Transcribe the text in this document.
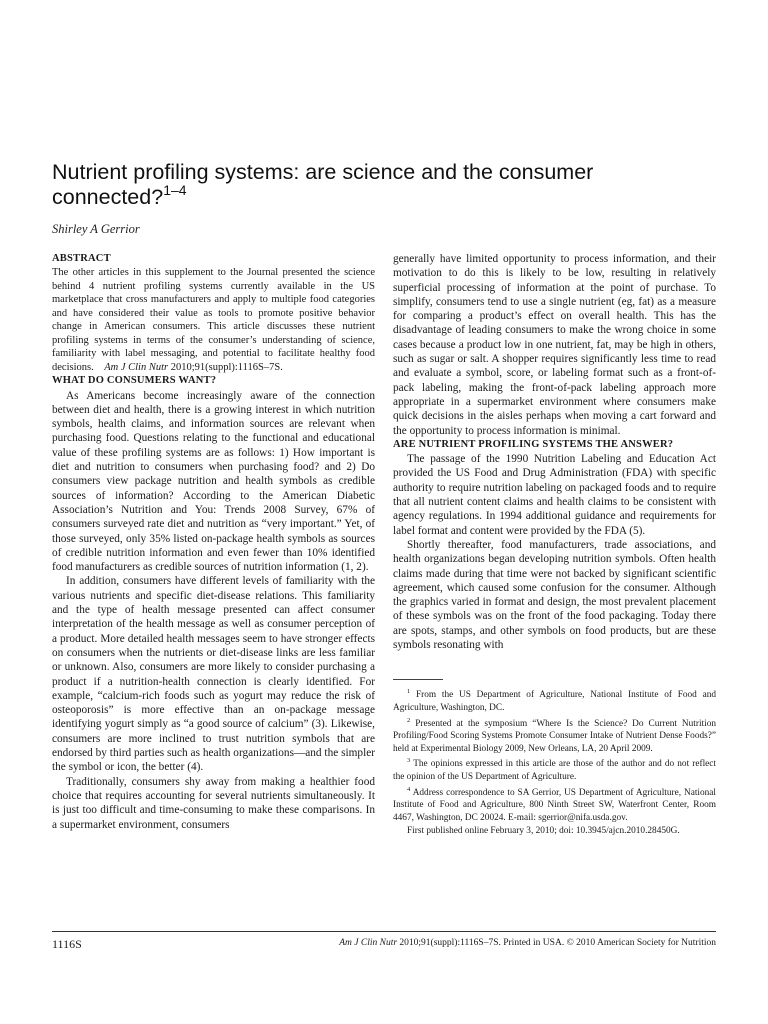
Nutrient profiling systems: are science and the consumer connected?$^{1-4}$
Shirley A Gerrior

ABSTRACT

The other articles in this supplement to the Journal presented the science behind 4 nutrient profiling systems currently available in the US marketplace that cross manufacturers and apply to multiple food categories and have considered their value as tools to promote positive behavior change in American consumers. This article discusses these nutrient profiling systems in terms of the consumer’s understanding of science, familiarity with label messaging, and potential to facilitate healthy food decisions. Am J Clin Nutr 2010;91(suppl):1116S–7S.

WHAT DO CONSUMERS WANT?

As Americans become increasingly aware of the connection between diet and health, there is a growing interest in which nutrition symbols, health claims, and information sources are relevant when purchasing food. Questions relating to the functional and educational value of these profiling systems are as follows: 1) How important is diet and nutrition to consumers when purchasing food? and 2) Do consumers view package nutrition and health symbols as credible sources of information? According to the American Diabetic Association’s Nutrition and You: Trends 2008 Survey, 67% of consumers surveyed rate diet and nutrition as “very important.” Yet, of those surveyed, only 35% listed on-package health symbols as sources of credible nutrition information and even fewer than 10% identified food manufacturers as credible sources of nutrition information (1, 2).

In addition, consumers have different levels of familiarity with the various nutrients and specific diet-disease relations. This familiarity and the type of health message presented can affect consumer interpretation of the health message as well as consumer perception of a product. More detailed health messages seem to have stronger effects on consumers when the nutrients or diet-disease links are less familiar or unknown. Also, consumers are more likely to consider purchasing a product if a nutrition-health connection is clearly identified. For example, “calcium-rich foods such as yogurt may reduce the risk of osteoporosis” is more effective than an on-package message identifying yogurt simply as “a good source of calcium” (3). Likewise, consumers are more inclined to trust nutrition symbols that are endorsed by third parties such as health organizations—and the simpler the symbol or icon, the better (4).

Traditionally, consumers shy away from making a healthier food choice that requires accounting for several nutrients simultaneously. It is just too difficult and time-consuming to make these comparisons. In a supermarket environment, consumers

generally have limited opportunity to process information, and their motivation to do this is likely to be low, resulting in relatively superficial processing of information at the point of purchase. To simplify, consumers tend to use a single nutrient (eg, fat) as a measure for comparing a product’s effect on overall health. This has the disadvantage of leading consumers to make the wrong choice in some cases because a product low in one nutrient, fat, may be high in others, such as sugar or salt. A shopper requires significantly less time to read and evaluate a symbol, score, or labeling format such as a front-of-pack labeling, making the front-of-pack labeling approach more appropriate in a supermarket environment where consumers make quick decisions in the aisles perhaps when moving a cart forward and the opportunity to process information is minimal.

ARE NUTRIENT PROFILING SYSTEMS THE ANSWER?

The passage of the 1990 Nutrition Labeling and Education Act provided the US Food and Drug Administration (FDA) with specific authority to require nutrition labeling on packaged foods and to require that all nutrient content claims and health claims to be consistent with agency regulations. In 1994 additional guidance and requirements for label format and content were provided by the FDA (5).

Shortly thereafter, food manufacturers, trade associations, and health organizations began developing nutrition symbols. Often health claims made during that time were not backed by significant scientific agreement, which caused some confusion for the consumer. Although the graphics varied in format and design, the most prevalent placement of these symbols was on the front of the food packaging. Today there are spots, stamps, and other symbols on food products, but are these symbols resonating with

$^1$ From the US Department of Agriculture, National Institute of Food and Agriculture, Washington, DC.

$^2$ Presented at the symposium “Where Is the Science? Do Current Nutrition Profiling/Food Scoring Systems Promote Consumer Intake of Nutrient Dense Foods?” held at Experimental Biology 2009, New Orleans, LA, 20 April 2009.

$^3$ The opinions expressed in this article are those of the author and do not reflect the opinion of the US Department of Agriculture.

$^4$ Address correspondence to SA Gerrior, US Department of Agriculture, National Institute of Food and Agriculture, 800 Ninth Street SW, Waterfront Center, Room 4467, Washington, DC 20024. E-mail: sgerrior@nifa.usda.gov.

First published online February 3, 2010; doi: 10.3945/ajcn.2010.28450G.

1116S	Am J Clin Nutr 2010;91(suppl):1116S–7S. Printed in USA. © 2010 American Society for Nutrition
